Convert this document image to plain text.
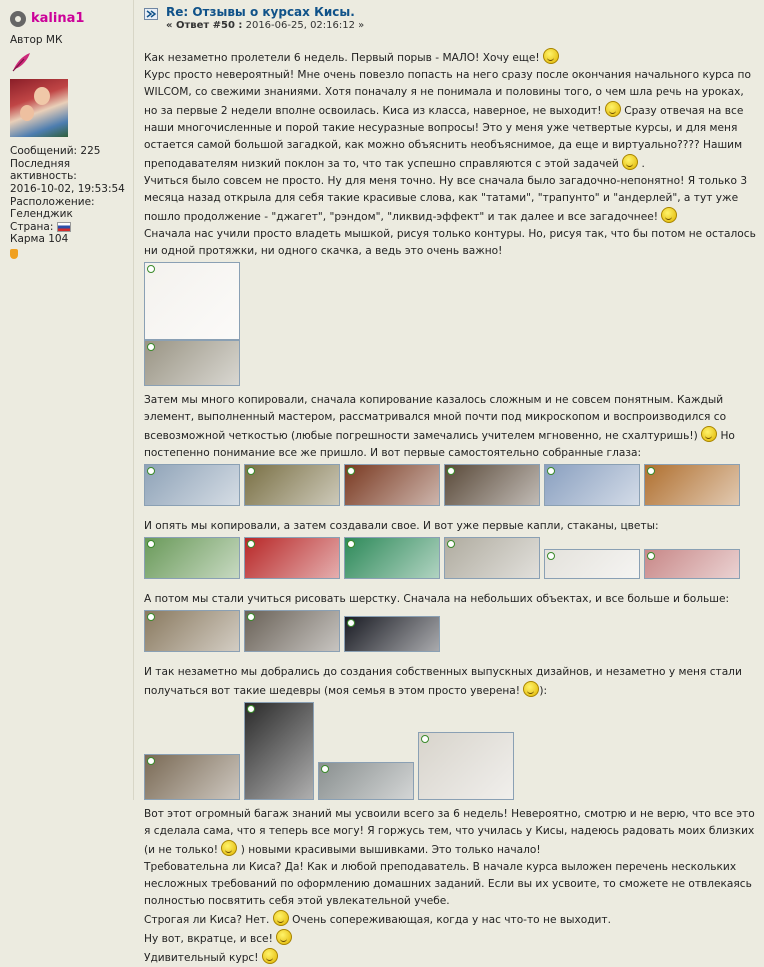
kalina1
Автор МК
Сообщений: 225
Последняя активность:
2016-10-02, 19:53:54
Расположение:
Геленджик
Страна:
Карма 104
Re: Отзывы о курсах Кисы.
« Ответ #50 : 2016-06-25, 02:16:12 »

Как незаметно пролетели 6 недель. Первый порыв - МАЛО! Хочу еще!

Курс просто невероятный! Мне очень повезло попасть на него сразу после окончания начального курса по WILCOM, со свежими знаниями. Хотя поначалу я не понимала и половины того, о чем шла речь на уроках, но за первые 2 недели вполне освоилась. Киса из класса, наверное, не выходит! Сразу отвечая на все наши многочисленные и порой такие несуразные вопросы! Это у меня уже четвертые курсы, и для меня остается самой большой загадкой, как можно объяснить необъяснимое, да еще и виртуально???? Нашим преподавателям низкий поклон за то, что так успешно справляются с этой задачей  .

Учиться было совсем не просто. Ну для меня точно. Ну все сначала было загадочно-непонятно! Я только 3 месяца назад открыла для себя такие красивые слова, как "татами", "трапунто" и "андерлей", а тут уже пошло продолжение - "джагет", "рэндом", "ликвид-эффект" и так далее и все загадочнее!

Сначала нас учили просто владеть мышкой, рисуя только контуры. Но, рисуя так, что бы потом не осталось ни одной протяжки, ни одного скачка, а ведь это очень важно!

Затем мы много копировали, сначала копирование казалось сложным и не совсем понятным. Каждый элемент, выполненный мастером, рассматривался мной почти под микроскопом и воспроизводился со всевозможной четкостью (любые погрешности замечались учителем мгновенно, не схалтуришь!) Но постепенно понимание все же пришло. И вот первые самостоятельно собранные глаза:

И опять мы копировали, а затем создавали свое. И вот уже первые капли, стаканы, цветы:

А потом мы стали учиться рисовать шерстку. Сначала на небольших объектах, и все больше и больше:

И так незаметно мы добрались до создания собственных выпускных дизайнов, и незаметно у меня стали получаться вот такие шедевры (моя семья в этом просто уверена! ):

Вот этот огромный багаж знаний мы усвоили всего за 6 недель! Невероятно, смотрю и не верю, что все это я сделала сама, что я теперь все могу! Я горжусь тем, что училась у Кисы, надеюсь радовать моих близких (и не только! ) новыми красивыми вышивками. Это только начало!

Требовательна ли Киса? Да! Как и любой преподаватель. В начале курса выложен перечень нескольких несложных требований по оформлению домашних заданий. Если вы их усвоите, то сможете не отвлекаясь полностью посвятить себя этой увлекательной учебе.

Строгая ли Киса? Нет. Очень сопереживающая, когда у нас что-то не выходит.

Ну вот, вкратце, и все!

Удивительный курс!
